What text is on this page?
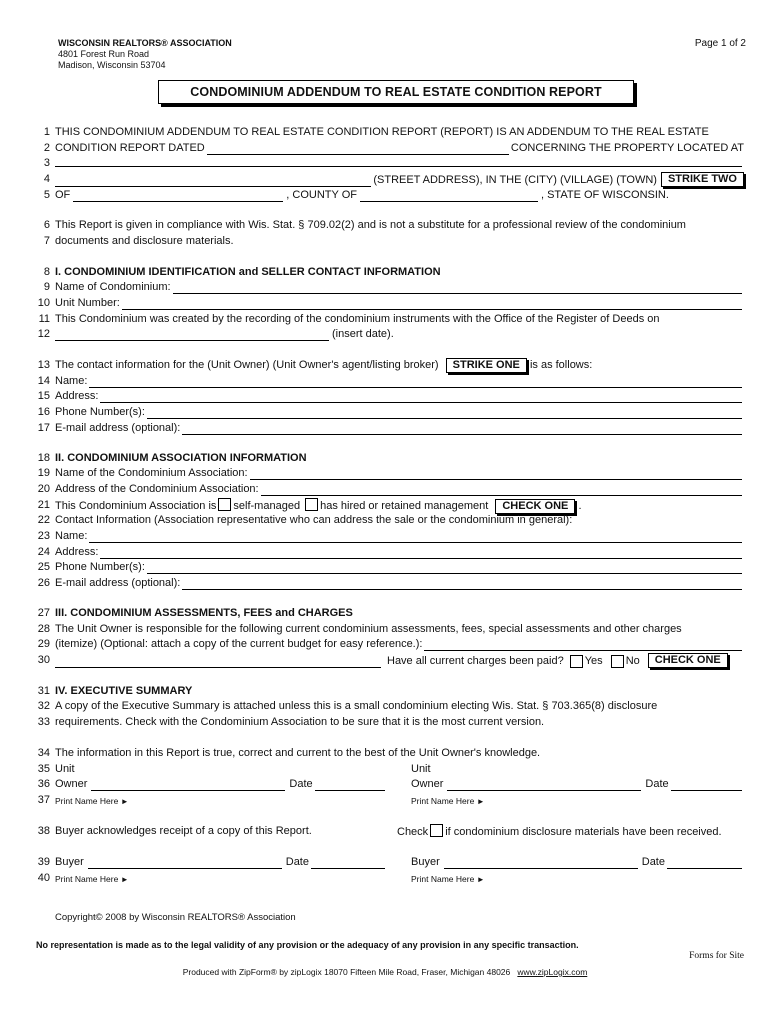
WISCONSIN REALTORS® ASSOCIATION
4801 Forest Run Road
Madison, Wisconsin 53704
Page 1 of 2
CONDOMINIUM ADDENDUM TO REAL ESTATE CONDITION REPORT
1 THIS CONDOMINIUM ADDENDUM TO REAL ESTATE CONDITION REPORT (REPORT) IS AN ADDENDUM TO THE REAL ESTATE
2 CONDITION REPORT DATED	CONCERNING THE PROPERTY LOCATED AT
3
4	(STREET ADDRESS), IN THE (CITY) (VILLAGE) (TOWN)	STRIKE TWO
5 OF	, COUNTY OF	, STATE OF WISCONSIN.
6 This Report is given in compliance with Wis. Stat. § 709.02(2) and is not a substitute for a professional review of the condominium
7 documents and disclosure materials.
8 I. CONDOMINIUM IDENTIFICATION and SELLER CONTACT INFORMATION
9 Name of Condominium:
10 Unit Number:
11 This Condominium was created by the recording of the condominium instruments with the Office of the Register of Deeds on
12	(insert date).
13 The contact information for the (Unit Owner) (Unit Owner's agent/listing broker) STRIKE ONE is as follows:
14 Name:
15 Address:
16 Phone Number(s):
17 E-mail address (optional):
18 II. CONDOMINIUM ASSOCIATION INFORMATION
19 Name of the Condominium Association:
20 Address of the Condominium Association:
21 This Condominium Association is self-managed has hired or retained management CHECK ONE .
22 Contact Information (Association representative who can address the sale or the condominium in general):
23 Name:
24 Address:
25 Phone Number(s):
26 E-mail address (optional):
27 III. CONDOMINIUM ASSESSMENTS, FEES and CHARGES
28 The Unit Owner is responsible for the following current condominium assessments, fees, special assessments and other charges
29 (itemize) (Optional: attach a copy of the current budget for easy reference.):
30	Have all current charges been paid? Yes No	CHECK ONE
31 IV. EXECUTIVE SUMMARY
32 A copy of the Executive Summary is attached unless this is a small condominium electing Wis. Stat. § 703.365(8) disclosure
33 requirements. Check with the Condominium Association to be sure that it is the most current version.
34 The information in this Report is true, correct and current to the best of the Unit Owner's knowledge.
35 Unit	Unit
36 Owner	Date	Owner	Date
37 Print Name Here ►	Print Name Here ►
38 Buyer acknowledges receipt of a copy of this Report.	Check if condominium disclosure materials have been received.
39 Buyer	Date	Buyer	Date
40 Print Name Here ►	Print Name Here ►
Copyright© 2008 by Wisconsin REALTORS® Association
No representation is made as to the legal validity of any provision or the adequacy of any provision in any specific transaction.
Forms for Site
Produced with ZipForm® by zipLogix 18070 Fifteen Mile Road, Fraser, Michigan 48026 www.zipLogix.com
